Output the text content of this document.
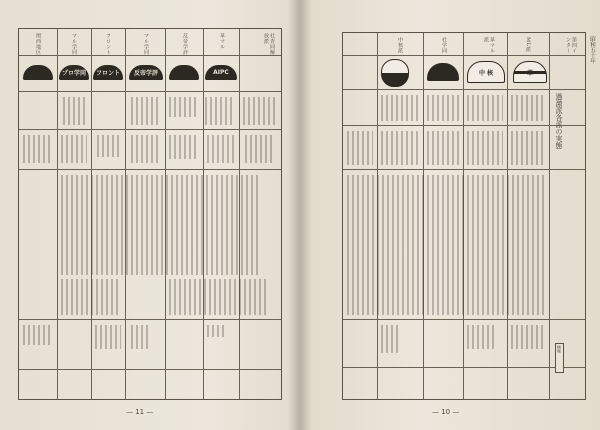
社青同解放派
革マル
反帝学評
マル学同
フロント
マル学同
関西地区
プロ学同 フロント 反帝学評	AIPC
— 11 —
第四インター
ML派
革マル派
社学同
中核派
中 核	革
過激派各派の実態
極秘
昭和五十年
— 10 —
